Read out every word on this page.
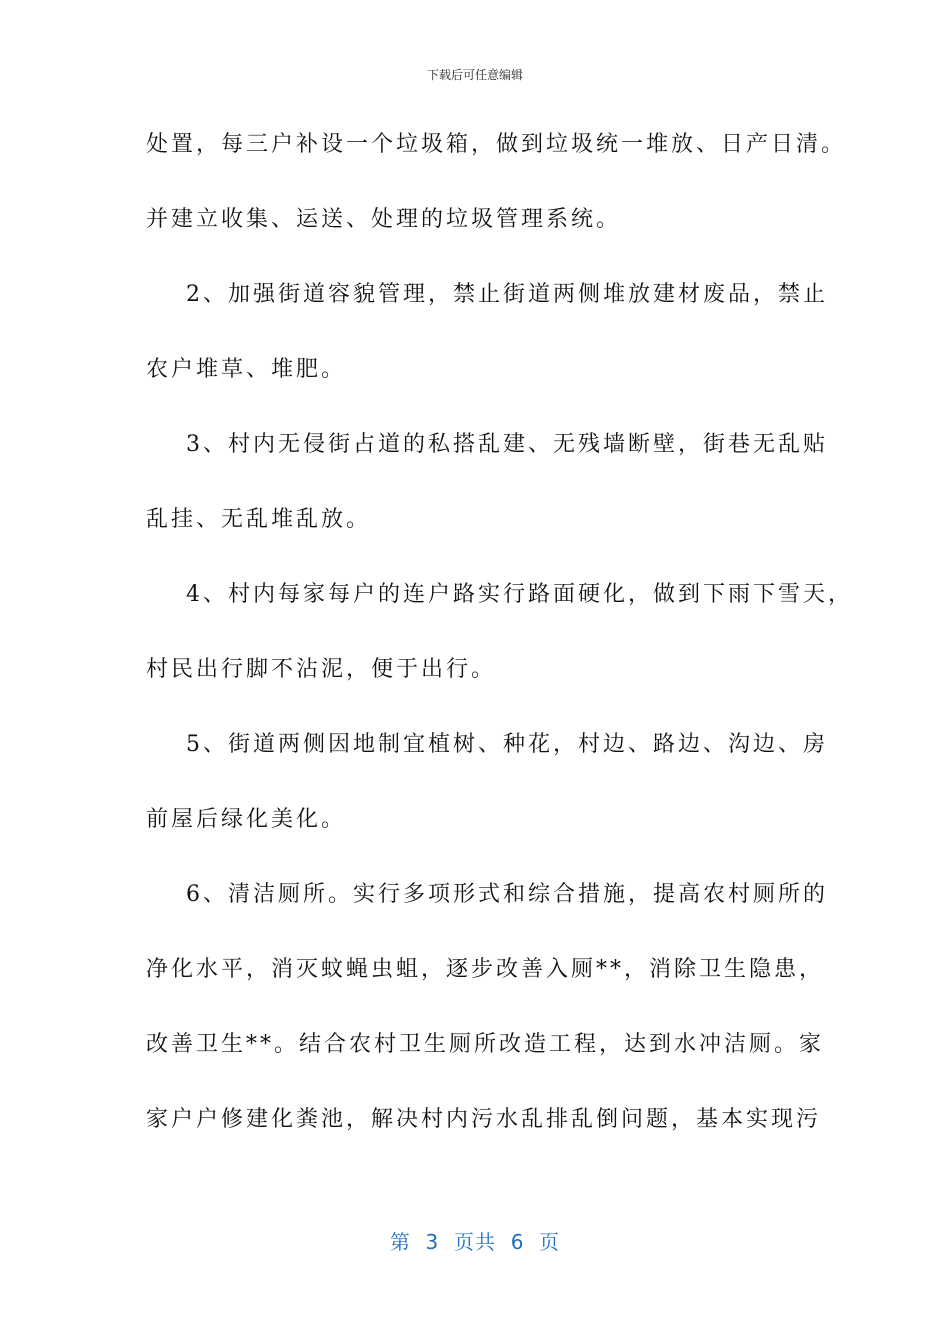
下载后可任意编辑
处置，每三户补设一个垃圾箱，做到垃圾统一堆放、日产日清。
并建立收集、运送、处理的垃圾管理系统。
2、加强街道容貌管理，禁止街道两侧堆放建材废品，禁止
农户堆草、堆肥。
3、村内无侵街占道的私搭乱建、无残墙断壁，街巷无乱贴
乱挂、无乱堆乱放。
4、村内每家每户的连户路实行路面硬化，做到下雨下雪天，
村民出行脚不沾泥，便于出行。
5、街道两侧因地制宜植树、种花，村边、路边、沟边、房
前屋后绿化美化。
6、清洁厕所。实行多项形式和综合措施，提高农村厕所的
净化水平，消灭蚊蝇虫蛆，逐步改善入厕**，消除卫生隐患，
改善卫生**。结合农村卫生厕所改造工程，达到水冲洁厕。家
家户户修建化粪池，解决村内污水乱排乱倒问题，基本实现污
第  3  页共  6  页
